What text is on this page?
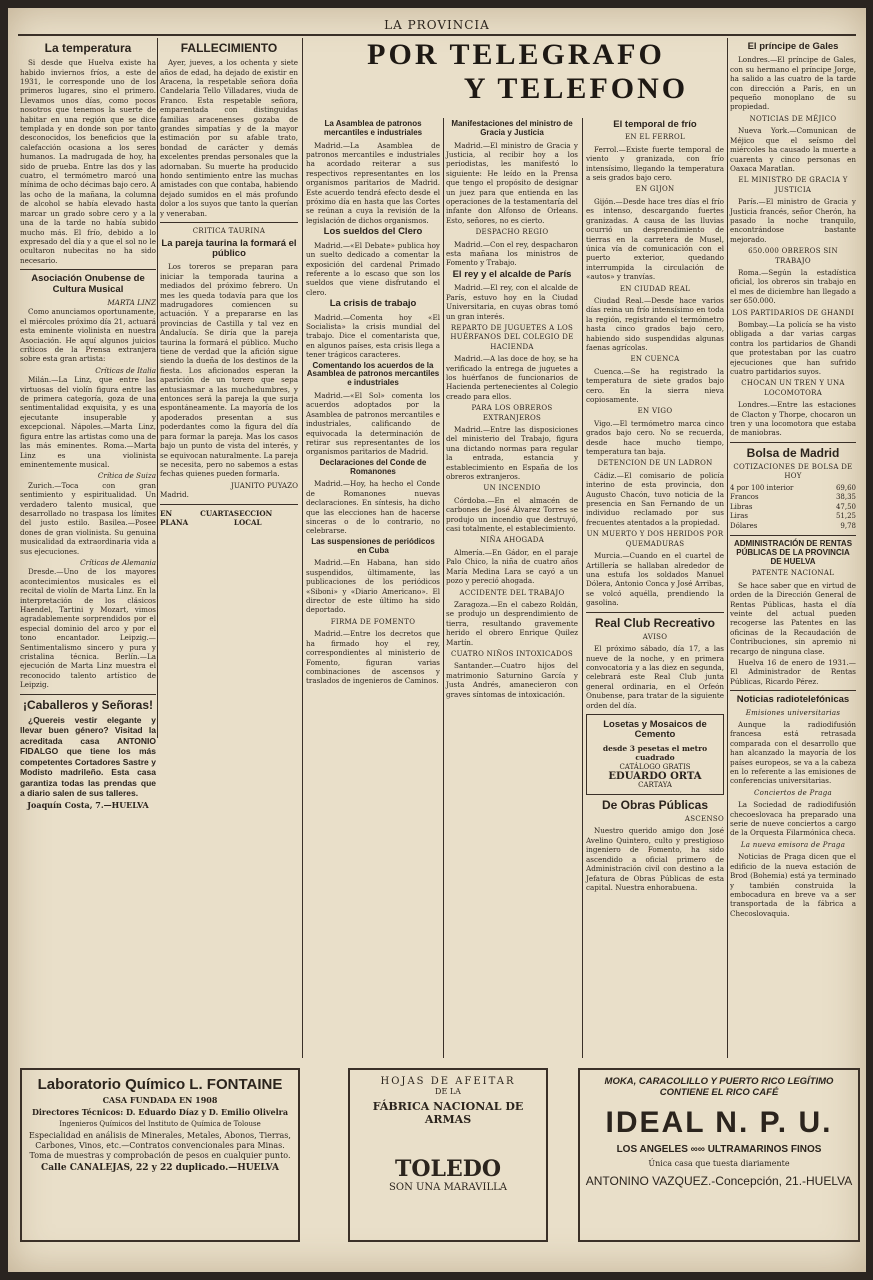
LA PROVINCIA
POR TELEGRAFO
Y TELEFONO
La temperatura

Si desde que Huelva existe ha habido inviernos fríos, a este de 1931, le corresponde uno de los primeros lugares, sino el primero. Llevamos unos días, como pocos nosotros que tenemos la suerte de habitar en una región que se dice templada y en donde son por tanto desconocidos, los beneficios que la calefacción ocasiona a los seres humanos. La madrugada de hoy, ha sido de prueba. Entre las dos y las cuatro, el termómetro marcó una mínima de ocho décimas bajo cero. A las ocho de la mañana, la columna de alcohol se había elevado hasta marcar un grado sobre cero y a la una de la tarde no había subido mucho más. El frío, debido a lo expresado del día y a que el sol no le ocultaron nubecitas no ha sido necesario.

Asociación Onubense de Cultura Musical
MARTA LINZ

Como anunciamos oportunamente, el miércoles próximo día 21, actuará esta eminente violinista en nuestra Asociación. He aquí algunos juicios críticos de la Prensa extranjera sobre esta gran artista:

Críticas de Italia

Milán.—La Linz, que entre las virtuosas del violín figura entre las de primera categoría, goza de una sentimentalidad exquisita, y es una ejecutante insuperable y excepcional. Nápoles.—Marta Linz, figura entre las artistas como una de las más eminentes. Roma.—Marta Linz es una violinista eminentemente musical.

Crítica de Suiza

Zurich.—Toca con gran sentimiento y espiritualidad. Un verdadero talento musical, que desarrollado no traspasa los límites del justo estilo. Basilea.—Posee dones de gran violinista. Su genuina musicalidad da extraordinaria vida a sus ejecuciones.

Críticas de Alemania

Dresde.—Uno de los mayores acontecimientos musicales es el recital de violín de Marta Linz. En la interpretación de los clásicos Haendel, Tartini y Mozart, vimos agradablemente sorprendidos por el especial dominio del arco y por el tono encantador. Leipzig.—Sentimentalismo sincero y pura y cristalina técnica. Berlín.—La ejecución de Marta Linz muestra el reconocido talento artístico de Leipzig.

¡Caballeros y Señoras!

¿Quereis vestir elegante y llevar buen género? Visitad la acreditada casa ANTONIO FIDALGO que tiene los más competentes Cortadores Sastre y Modisto madrileño. Esta casa garantiza todas las prendas que a diario salen de sus talleres.

Joaquín Costa, 7.—HUELVA
FALLECIMIENTO

Ayer, jueves, a los ochenta y siete años de edad, ha dejado de existir en Aracena, la respetable señora doña Candelaria Tello Villadares, viuda de Franco. Esta respetable señora, emparentada con distinguidas familias aracenenses gozaba de grandes simpatías y de la mayor estimación por su afable trato, bondad de carácter y demás excelentes prendas personales que la adornaban. Su muerte ha producido hondo sentimiento entre las muchas amistades con que contaba, habiendo dejado sumidos en el más profundo dolor a los suyos que tanto la querían y veneraban.

CRITICA TAURINA
La pareja taurina la formará el público

Los toreros se preparan para iniciar la temporada taurina a mediados del próximo febrero. Un mes les queda todavía para que los madrugadores comiencen su actuación. Y a prepararse en las provincias de Castilla y tal vez en Andalucía. Se diría que la pareja taurina la formará el público. Mucho tiene de verdad que la afición sigue siendo la dueña de los destinos de la fiesta. Los aficionados esperan la aparición de un torero que sepa entusiasmar a las muchedumbres, y entonces será la pareja la que surja espontáneamente. La mayoría de los apoderados presentan a sus poderdantes como la figura del día para formar la pareja. Mas los casos bajo un punto de vista del interés, y se equivocan naturalmente. La pareja se necesita, pero no sabemos a estas fechas quienes pueden formarla.

JUANITO PUYAZO
Madrid.
EN CUARTA PLANA
SECCION LOCAL
La Asamblea de patronos mercantiles e industriales

Madrid.—La Asamblea de patronos mercantiles e industriales ha acordado reiterar a sus respectivos representantes en los organismos paritarios de Madrid. Este acuerdo tendrá efecto desde el próximo día en hasta que las Cortes se reúnan a cuya la revisión de la legislación de dichos organismos.

Los sueldos del Clero

Madrid.—«El Debate» publica hoy un suelto dedicado a comentar la exposición del cardenal Primado referente a lo escaso que son los sueldos que viene disfrutando el clero.

La crisis de trabajo

Madrid.—Comenta hoy «El Socialista» la crisis mundial del trabajo. Dice el comentarista que, en algunos países, esta crisis llega a tener trágicos caracteres.

Comentando los acuerdos de la Asamblea de patronos mercantiles e industriales

Madrid.—«El Sol» comenta los acuerdos adoptados por la Asamblea de patronos mercantiles e industriales, calificando de equivocada la determinación de retirar sus representantes de los organismos paritarios de Madrid.

Declaraciones del Conde de Romanones

Madrid.—Hoy, ha hecho el Conde de Romanones nuevas declaraciones. En síntesis, ha dicho que las elecciones han de hacerse sinceras o de lo contrario, no celebrarse.

Las suspensiones de periódicos en Cuba

Madrid.—En Habana, han sido suspendidos, últimamente, las publicaciones de los periódicos «Siboni» y «Diario Americano». El director de este último ha sido deportado.

FIRMA DE FOMENTO

Madrid.—Entre los decretos que ha firmado hoy el rey, correspondientes al ministerio de Fomento, figuran varias combinaciones de ascensos y traslados de ingenieros de Caminos.

Manifestaciones del ministro de Gracia y Justicia

Madrid.—El ministro de Gracia y Justicia, al recibir hoy a los periodistas, les manifestó lo siguiente: He leído en la Prensa que tengo el propósito de designar un juez para que entienda en las operaciones de la testamentaría del infante don Alfonso de Orleans. Esto, señores, no es cierto.

DESPACHO REGIO

Madrid.—Con el rey, despacharon esta mañana los ministros de Fomento y Trabajo.

El rey y el alcalde de París

Madrid.—El rey, con el alcalde de París, estuvo hoy en la Ciudad Universitaria, en cuyas obras tomó un gran interés.

REPARTO DE JUGUETES A LOS HUÉRFANOS DEL COLEGIO DE HACIENDA

Madrid.—A las doce de hoy, se ha verificado la entrega de juguetes a los huérfanos de funcionarios de Hacienda pertenecientes al Colegio creado para ellos.

PARA LOS OBREROS EXTRANJEROS

Madrid.—Entre las disposiciones del ministerio del Trabajo, figura una dictando normas para regular la entrada, estancia y establecimiento en España de los obreros extranjeros.

UN INCENDIO

Córdoba.—En el almacén de carbones de José Álvarez Torres se produjo un incendio que destruyó, casi totalmente, el establecimiento.

NIÑA AHOGADA

Almería.—En Gádor, en el paraje Palo Chico, la niña de cuatro años María Medina Lara se cayó a un pozo y pereció ahogada.

ACCIDENTE DEL TRABAJO

Zaragoza.—En el cabezo Roldán, se produjo un desprendimiento de tierra, resultando gravemente herido el obrero Enrique Quilez Martín.

CUATRO NIÑOS INTOXICADOS

Santander.—Cuatro hijos del matrimonio Saturnino García y Justa Andrés, amanecieron con graves síntomas de intoxicación.

El temporal de frío
EN EL FERROL

Ferrol.—Existe fuerte temporal de viento y granizada, con frío intensísimo, llegando la temperatura a seis grados bajo cero.

EN GIJON

Gijón.—Desde hace tres días el frío es intenso, descargando fuertes granizadas. A causa de las lluvias ocurrió un desprendimiento de tierras en la carretera de Musel, única vía de comunicación con el puerto exterior, quedando interrumpida la circulación de «autos» y tranvías.

EN CIUDAD REAL

Ciudad Real.—Desde hace varios días reina un frío intensísimo en toda la región, registrando el termómetro hasta cinco grados bajo cero, habiendo sido suspendidas algunas faenas agrícolas.

EN CUENCA

Cuenca.—Se ha registrado la temperatura de siete grados bajo cero. En la sierra nieva copiosamente.

EN VIGO

Vigo.—El termómetro marca cinco grados bajo cero. No se recuerda, desde hace mucho tiempo, temperatura tan baja.

DETENCION DE UN LADRON

Cádiz.—El comisario de policía interino de esta provincia, don Augusto Chacón, tuvo noticia de la presencia en San Fernando de un individuo reclamado por sus frecuentes atentados a la propiedad.

UN MUERTO Y DOS HERIDOS POR QUEMADURAS

Murcia.—Cuando en el cuartel de Artillería se hallaban alrededor de una estufa los soldados Manuel Dólera, Antonio Conca y José Arribas, se volcó aquélla, prendiendo la gasolina.

Real Club Recreativo
AVISO

El próximo sábado, día 17, a las nueve de la noche, y en primera convocatoria y a las diez en segunda, celebrará este Real Club junta general ordinaria, en el Orfeón Onubense, para tratar de la siguiente orden del día.

Losetas y Mosaicos de Cemento
desde 3 pesetas el metro cuadrado
CATÁLOGO GRATIS
EDUARDO ORTA
CARTAYA
De Obras Públicas
ASCENSO

Nuestro querido amigo don José Avelino Quintero, culto y prestigioso ingeniero de Fomento, ha sido ascendido a oficial primero de Administración civil con destino a la Jefatura de Obras Públicas de esta capital. Nuestra enhorabuena.

El príncipe de Gales

Londres.—El príncipe de Gales, con su hermano el príncipe Jorge, ha salido a las cuatro de la tarde con dirección a París, en un pequeño monoplano de su propiedad.

NOTICIAS DE MÉJICO

Nueva York.—Comunican de Méjico que el seísmo del miércoles ha causado la muerte a cuarenta y cinco personas en Oaxaca Maratlan.

EL MINISTRO DE GRACIA Y JUSTICIA

París.—El ministro de Gracia y Justicia francés, señor Cherón, ha pasado la noche tranquilo, encontrándose bastante mejorado.

650.000 OBREROS SIN TRABAJO

Roma.—Según la estadística oficial, los obreros sin trabajo en el mes de diciembre han llegado a ser 650.000.

LOS PARTIDARIOS DE GHANDI

Bombay.—La policía se ha visto obligada a dar varias cargas contra los partidarios de Ghandi que protestaban por las cuatro ejecuciones que han sufrido cuatro partidarios suyos.

CHOCAN UN TREN Y UNA LOCOMOTORA

Londres.—Entre las estaciones de Clacton y Thorpe, chocaron un tren y una locomotora que estaba de maniobras.

Bolsa de Madrid
COTIZACIONES DE BOLSA DE HOY
4 por 100 interior	69,60
Francos	38,35
Libras	47,50
Liras	51,25
Dólares	9,78
ADMINISTRACIÓN DE RENTAS PÚBLICAS DE LA PROVINCIA DE HUELVA
PATENTE NACIONAL

Se hace saber que en virtud de orden de la Dirección General de Rentas Públicas, hasta el día veinte del actual pueden recogerse las Patentes en las oficinas de la Recaudación de Contribuciones, sin apremio ni recargo de ninguna clase.

Huelva 16 de enero de 1931.—El Administrador de Rentas Públicas, Ricardo Pérez.

Noticias radiotelefónicas
Emisiones universitarias

Aunque la radiodifusión francesa está retrasada comparada con el desarrollo que han alcanzado la mayoría de los países europeos, se va a la cabeza en lo referente a las emisiones de conferencias universitarias.

Conciertos de Praga

La Sociedad de radiodifusión checoeslovaca ha preparado una serie de nueve conciertos a cargo de la Orquesta Filarmónica checa.

La nueva emisora de Praga

Noticias de Praga dicen que el edificio de la nueva estación de Brod (Bohemia) está ya terminado y también construida la embocadura en breve va a ser transportada de la fábrica a Checoslovaquia.

Laboratorio Químico L. FONTAINE
CASA FUNDADA EN 1908
Directores Técnicos: D. Eduardo Díaz y D. Emilio Olivelra
Ingenieros Químicos del Instituto de Química de Tolouse
Especialidad en análisis de Minerales, Metales, Abonos, Tierras, Carbones, Vinos, etc.—Contratos convencionales para Minas. Toma de muestras y comprobación de pesos en cualquier punto.
Calle CANALEJAS, 22 y 22 duplicado.—HUELVA
HOJAS DE AFEITAR
DE LA
FÁBRICA NACIONAL DE ARMAS
TOLEDO
SON UNA MARAVILLA
MOKA, CARACOLILLO Y PUERTO RICO LEGÍTIMO CONTIENE EL RICO CAFÉ
IDEAL N. P. U.
LOS ANGELES ∞∞ ULTRAMARINOS FINOS
Única casa que tuesta diariamente
ANTONINO VAZQUEZ.-Concepción, 21.-HUELVA
